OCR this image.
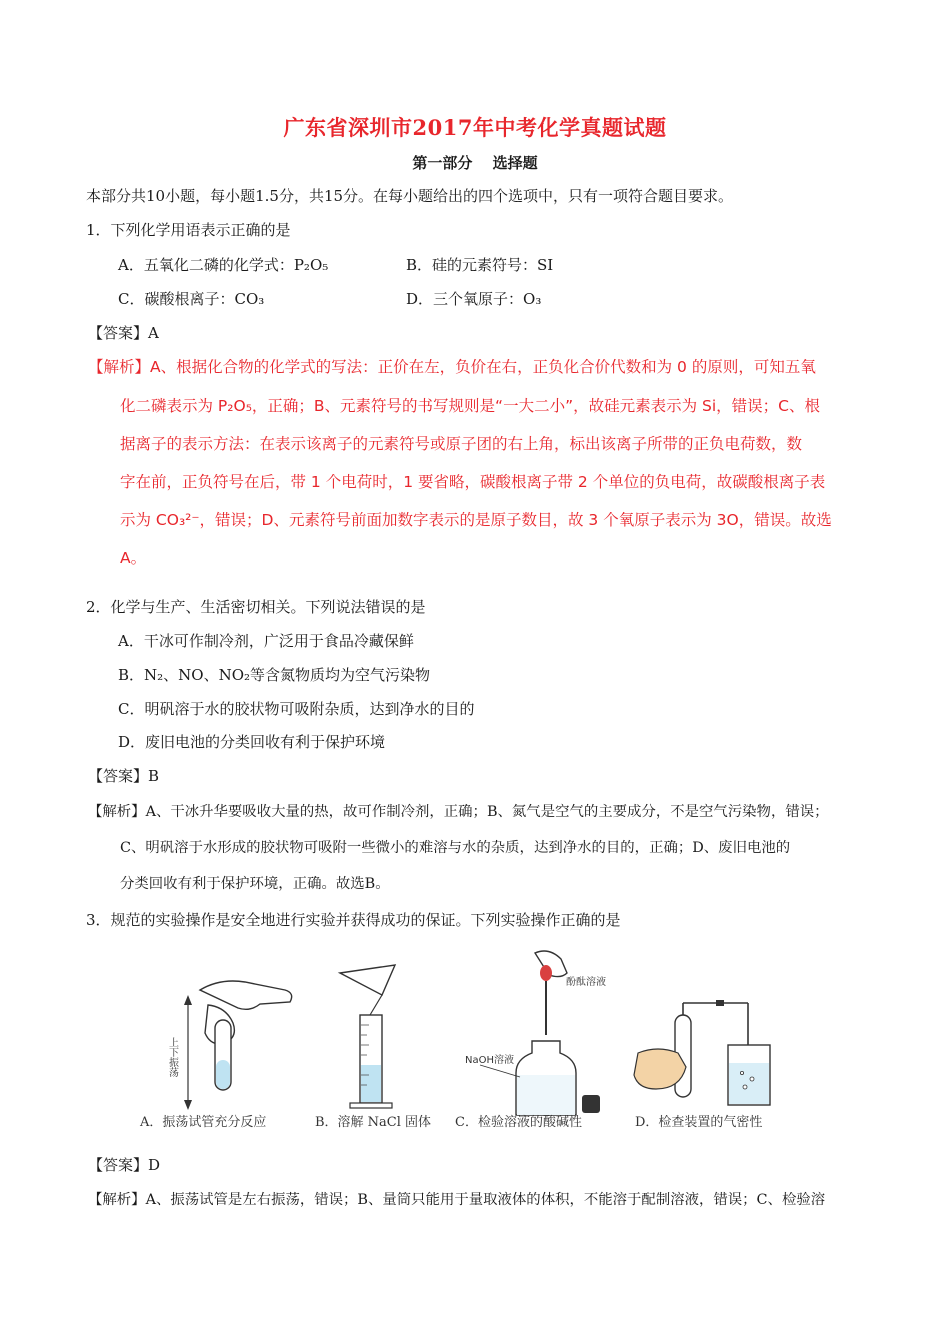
广东省深圳市2017年中考化学真题试题
第一部分　 选择题
本部分共10小题，每小题1.5分，共15分。在每小题给出的四个选项中，只有一项符合题目要求。
1．下列化学用语表示正确的是
A．五氧化二磷的化学式：P₂O₅	B．硅的元素符号：SI
C．碳酸根离子：CO₃	D．三个氧原子：O₃
【答案】A
【解析】A、根据化合物的化学式的写法：正价在左，负价在右，正负化合价代数和为 0 的原则，可知五氧
化二磷表示为 P₂O₅，正确；B、元素符号的书写规则是“一大二小”，故硅元素表示为 Si，错误；C、根
据离子的表示方法：在表示该离子的元素符号或原子团的右上角，标出该离子所带的正负电荷数，数
字在前，正负符号在后，带 1 个电荷时，1 要省略，碳酸根离子带 2 个单位的负电荷，故碳酸根离子表
示为 CO₃²⁻，错误；D、元素符号前面加数字表示的是原子数目，故 3 个氧原子表示为 3O，错误。故选
A。
2．化学与生产、生活密切相关。下列说法错误的是
A．干冰可作制冷剂，广泛用于食品冷藏保鲜
B．N₂、NO、NO₂等含氮物质均为空气污染物
C．明矾溶于水的胶状物可吸附杂质，达到净水的目的
D．废旧电池的分类回收有利于保护环境
【答案】B
【解析】A、干冰升华要吸收大量的热，故可作制冷剂，正确；B、氮气是空气的主要成分，不是空气污染物，错误；
C、明矾溶于水形成的胶状物可吸附一些微小的难溶与水的杂质，达到净水的目的，正确；D、废旧电池的
分类回收有利于保护环境，正确。故选B。
3．规范的实验操作是安全地进行实验并获得成功的保证。下列实验操作正确的是
上下振荡
A．振荡试管充分反应	B．溶解 NaCl 固体
酚酞溶液
NaOH溶液
C．检验溶液的酸碱性	D．检查装置的气密性
【答案】D
【解析】A、振荡试管是左右振荡，错误；B、量筒只能用于量取液体的体积，不能溶于配制溶液，错误；C、检验溶
